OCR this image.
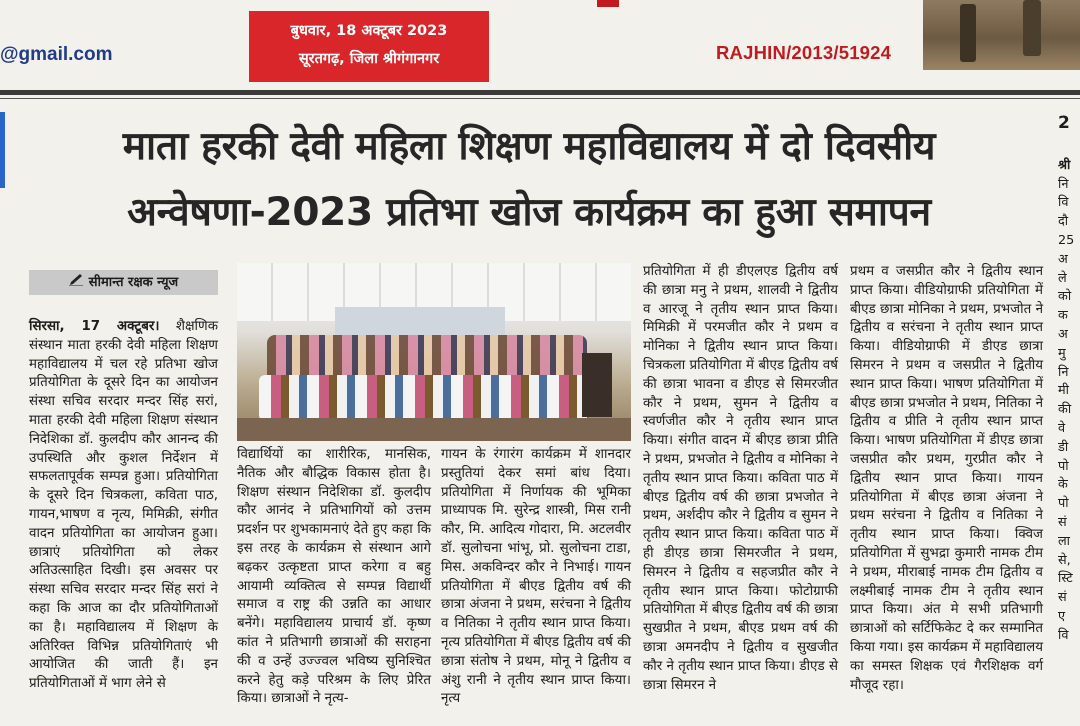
@gmail.com
बुधवार, 18 अक्टूबर 2023
सूरतगढ़, जिला श्रीगंगानगर	RAJHIN/2013/51924
माता हरकी देवी महिला शिक्षण महाविद्यालय में दो दिवसीय
अन्वेषणा-2023 प्रतिभा खोज कार्यक्रम का हुआ समापन
सीमान्त रक्षक न्यूज
सिरसा, 17 अक्टूबर। शैक्षणिक संस्थान माता हरकी देवी महिला शिक्षण महाविद्यालय में चल रहे प्रतिभा खोज प्रतियोगिता के दूसरे दिन का आयोजन संस्था सचिव सरदार मन्दर सिंह सरां, माता हरकी देवी महिला शिक्षण संस्थान निदेशिका डॉ. कुलदीप कौर आनन्द की उपस्थिति और कुशल निर्देशन में सफलतापूर्वक सम्पन्न हुआ। प्रतियोगिता के दूसरे दिन चित्रकला, कविता पाठ, गायन,भाषण व नृत्य, मिमिक्री, संगीत वादन प्रतियोगिता का आयोजन हुआ। छात्राएं प्रतियोगिता को लेकर अतिउत्साहित दिखी। इस अवसर पर संस्था सचिव सरदार मन्दर सिंह सरां ने कहा कि आज का दौर प्रतियोगिताओं का है। महाविद्यालय में शिक्षण के अतिरिक्त विभिन्न प्रतियोगिताएं भी आयोजित की जाती हैं। इन प्रतियोगिताओं में भाग लेने से
विद्यार्थियों का शारीरिक, मानसिक, नैतिक और बौद्धिक विकास होता है। शिक्षण संस्थान निदेशिका डॉ. कुलदीप कौर आनंद ने प्रतिभागियों को उत्तम प्रदर्शन पर शुभकामनाएं देते हुए कहा कि इस तरह के कार्यक्रम से संस्थान आगे बढ़कर उत्कृष्टता प्राप्त करेगा व बहु आयामी व्यक्तित्व से सम्पन्न विद्यार्थी समाज व राष्ट्र की उन्नति का आधार बनेंगे। महाविद्यालय प्राचार्य डॉ. कृष्ण कांत ने प्रतिभागी छात्राओं की सराहना की व उन्हें उज्ज्वल भविष्य सुनिश्चित करने हेतु कड़े परिश्रम के लिए प्रेरित किया। छात्राओं ने नृत्य-
गायन के रंगारंग कार्यक्रम में शानदार प्रस्तुतियां देकर समां बांध दिया। प्रतियोगिता में निर्णायक की भूमिका प्राध्यापक मि. सुरेन्द्र शास्त्री, मिस रानी कौर, मि. आदित्य गोदारा, मि. अटलवीर डॉ. सुलोचना भांभू, प्रो. सुलोचना टाडा, मिस. अकविन्दर कौर ने निभाई। गायन प्रतियोगिता में बीएड द्वितीय वर्ष की छात्रा अंजना ने प्रथम, सरंचना ने द्वितीय व नितिका ने तृतीय स्थान प्राप्त किया। नृत्य प्रतियोगिता में बीएड द्वितीय वर्ष की छात्रा संतोष ने प्रथम, मोनू ने द्वितीय व अंशु रानी ने तृतीय स्थान प्राप्त किया। नृत्य
प्रतियोगिता में ही डीएलएड द्वितीय वर्ष की छात्रा मनु ने प्रथम, शालवी ने द्वितीय व आरजू ने तृतीय स्थान प्राप्त किया। मिमिक्री में परमजीत कौर ने प्रथम व मोनिका ने द्वितीय स्थान प्राप्त किया। चित्रकला प्रतियोगिता में बीएड द्वितीय वर्ष की छात्रा भावना व डीएड से सिमरजीत कौर ने प्रथम, सुमन ने द्वितीय व स्वर्णजीत कौर ने तृतीय स्थान प्राप्त किया। संगीत वादन में बीएड छात्रा प्रीति ने प्रथम, प्रभजोत ने द्वितीय व मोनिका ने तृतीय स्थान प्राप्त किया। कविता पाठ में बीएड द्वितीय वर्ष की छात्रा प्रभजोत ने प्रथम, अर्शदीप कौर ने द्वितीय व सुमन ने तृतीय स्थान प्राप्त किया। कविता पाठ में ही डीएड छात्रा सिमरजीत ने प्रथम, सिमरन ने द्वितीय व सहजप्रीत कौर ने तृतीय स्थान प्राप्त किया। फोटोग्राफी प्रतियोगिता में बीएड द्वितीय वर्ष की छात्रा सुखप्रीत ने प्रथम, बीएड प्रथम वर्ष की छात्रा अमनदीप ने द्वितीय व सुखजीत कौर ने तृतीय स्थान प्राप्त किया। डीएड से छात्रा सिमरन ने
प्रथम व जसप्रीत कौर ने द्वितीय स्थान प्राप्त किया। वीडियोग्राफी प्रतियोगिता में बीएड छात्रा मोनिका ने प्रथम, प्रभजोत ने द्वितीय व सरंचना ने तृतीय स्थान प्राप्त किया। वीडियोग्राफी में डीएड छात्रा सिमरन ने प्रथम व जसप्रीत ने द्वितीय स्थान प्राप्त किया। भाषण प्रतियोगिता में बीएड छात्रा प्रभजोत ने प्रथम, नितिका ने द्वितीय व प्रीति ने तृतीय स्थान प्राप्त किया। भाषण प्रतियोगिता में डीएड छात्रा जसप्रीत कौर प्रथम, गुरप्रीत कौर ने द्वितीय स्थान प्राप्त किया। गायन प्रतियोगिता में बीएड छात्रा अंजना ने प्रथम सरंचना ने द्वितीय व नितिका ने तृतीय स्थान प्राप्त किया। क्विज प्रतियोगिता में सुभद्रा कुमारी नामक टीम ने प्रथम, मीराबाई नामक टीम द्वितीय व लक्ष्मीबाई नामक टीम ने तृतीय स्थान प्राप्त किया। अंत मे सभी प्रतिभागी छात्राओं को सर्टिफिकेट दे कर सम्मानित किया गया। इस कार्यक्रम में महाविद्यालय का समस्त शिक्षक एवं गैरशिक्षक वर्ग मौजूद रहा।
2

श्री
नि
वि
दौ
25
अ
ले
को
क
अ
मु
नि
मी
की
वे
डी
पो
के
पो
सं
ला
से,
स्टि
सं
ए
वि
